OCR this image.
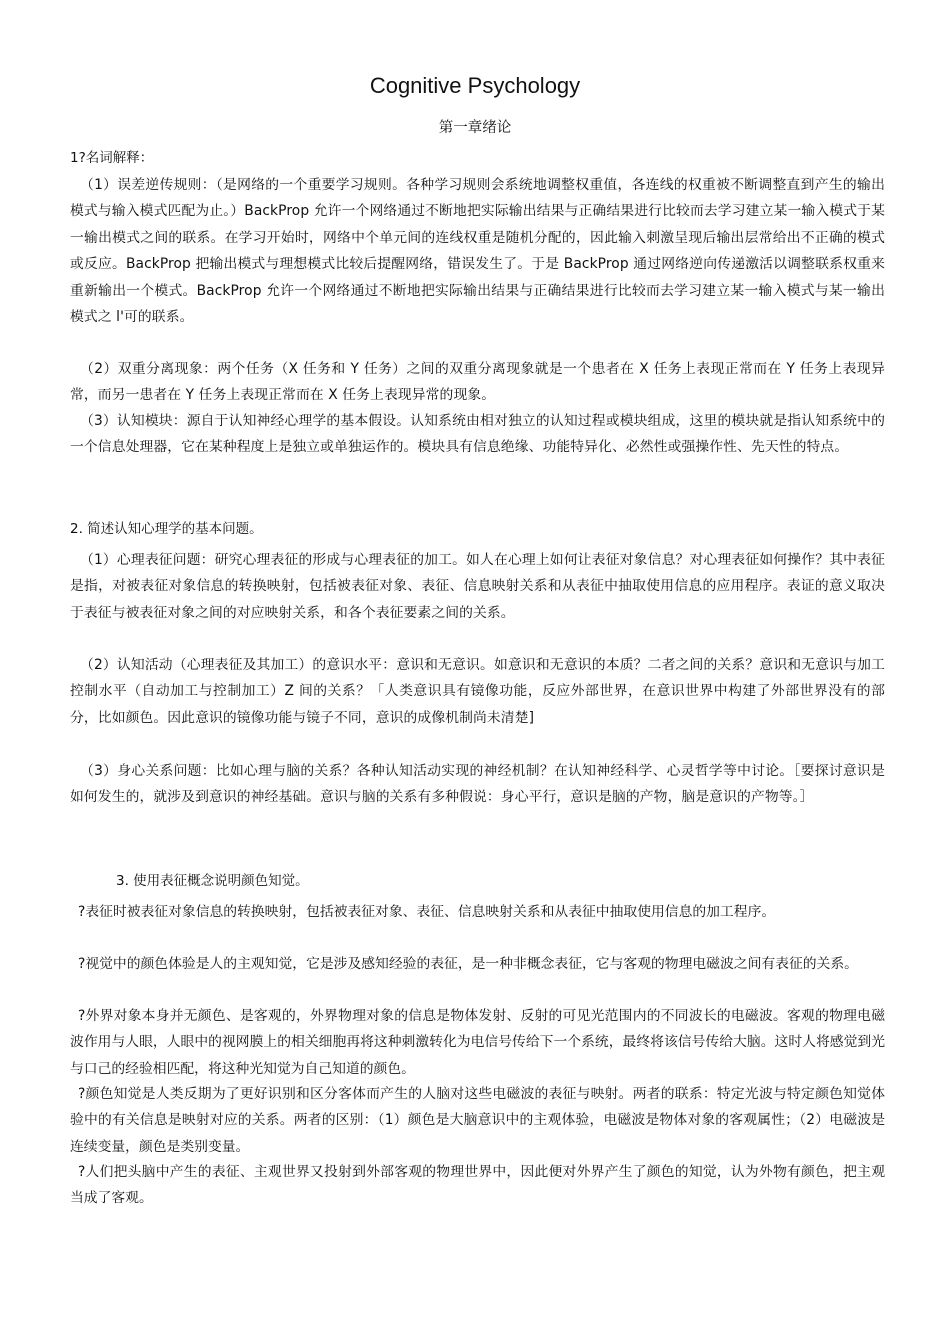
Cognitive Psychology
第一章绪论
1?名词解释：
（1）误差逆传规则：（是网络的一个重要学习规则。各种学习规则会系统地调整权重值，各连线的权重被不断调整直到产生的输出模式与输入模式匹配为止。）BackProp 允许一个网络通过不断地把实际输出结果与正确结果进行比较而去学习建立某一输入模式于某一输出模式之间的联系。在学习开始时，网络中个单元间的连线权重是随机分配的，因此输入刺激呈现后输出层常给出不正确的模式或反应。BackProp 把输出模式与理想模式比较后提醒网络，错误发生了。于是 BackProp 通过网络逆向传递激活以调整联系权重来重新输出一个模式。BackProp 允许一个网络通过不断地把实际输出结果与正确结果进行比较而去学习建立某一输入模式与某一输出模式之 l'可的联系。
（2）双重分离现象：两个任务（X 任务和 Y 任务）之间的双重分离现象就是一个患者在 X 任务上表现正常而在 Y 任务上表现异常，而另一患者在 Y 任务上表现正常而在 X 任务上表现异常的现象。
（3）认知模块：源自于认知神经心理学的基本假设。认知系统由相对独立的认知过程或模块组成，这里的模块就是指认知系统中的一个信息处理器，它在某种程度上是独立或单独运作的。模块具有信息绝缘、功能特异化、必然性或强操作性、先天性的特点。
2. 简述认知心理学的基本问题。
（1）心理表征问题：研究心理表征的形成与心理表征的加工。如人在心理上如何让表征对象信息？对心理表征如何操作？其中表征是指，对被表征对象信息的转换映射，包括被表征对象、表征、信息映射关系和从表征中抽取使用信息的应用程序。表证的意义取决于表征与被表征对象之间的对应映射关系，和各个表征要素之间的关系。
（2）认知活动（心理表征及其加工）的意识水平：意识和无意识。如意识和无意识的本质？二者之间的关系？意识和无意识与加工控制水平（自动加工与控制加工）Z 间的关系？「人类意识具有镜像功能，反应外部世界，在意识世界中构建了外部世界没有的部分，比如颜色。因此意识的镜像功能与镜子不同，意识的成像机制尚未清楚]
（3）身心关系问题：比如心理与脑的关系？各种认知活动实现的神经机制？在认知神经科学、心灵哲学等中讨论。［要探讨意识是如何发生的，就涉及到意识的神经基础。意识与脑的关系有多种假说：身心平行，意识是脑的产物，脑是意识的产物等。］
3. 使用表征概念说明颜色知觉。
?表征时被表征对象信息的转换映射，包括被表征对象、表征、信息映射关系和从表征中抽取使用信息的加工程序。
?视觉中的颜色体验是人的主观知觉，它是涉及感知经验的表征，是一种非概念表征，它与客观的物理电磁波之间有表征的关系。
?外界对象本身并无颜色、是客观的，外界物理对象的信息是物体发射、反射的可见光范围内的不同波长的电磁波。客观的物理电磁波作用与人眼，人眼中的视网膜上的相关细胞再将这种刺激转化为电信号传给下一个系统，最终将该信号传给大脑。这时人将感觉到光与口己的经验相匹配，将这种光知觉为自己知道的颜色。
?颜色知觉是人类反期为了更好识别和区分客体而产生的人脑对这些电磁波的表征与映射。两者的联系：特定光波与特定颜色知觉体验中的有关信息是映射对应的关系。两者的区别：（1）颜色是大脑意识中的主观体验，电磁波是物体对象的客观属性；（2）电磁波是连续变量，颜色是类别变量。
?人们把头脑中产生的表征、主观世界又投射到外部客观的物理世界中，因此便对外界产生了颜色的知觉，认为外物有颜色，把主观当成了客观。
